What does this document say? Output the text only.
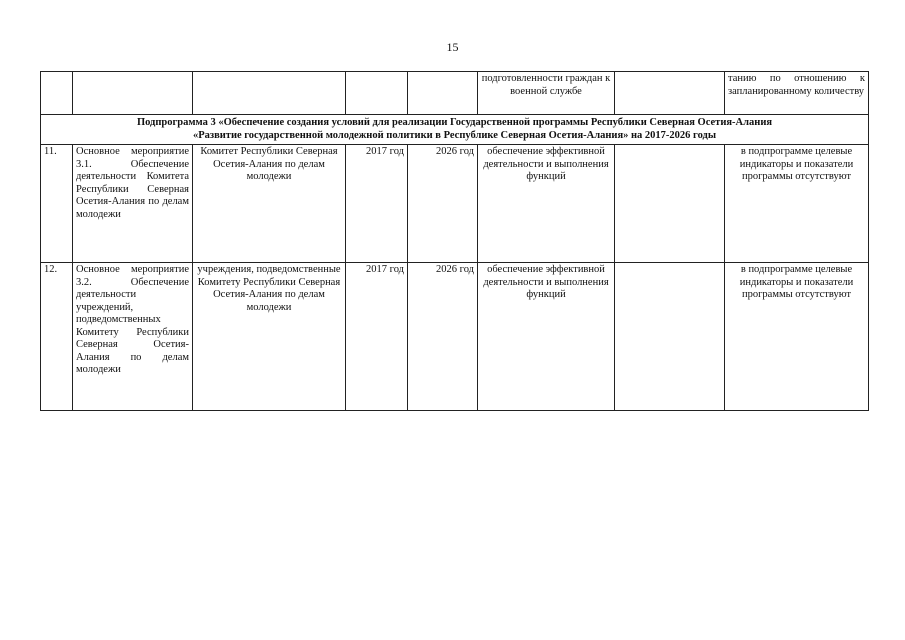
15
					подготовленности граждан к военной службе		танию по отношению к запланированному количеству

Подпрограмма 3 «Обеспечение создания условий для реализации Государственной программы Республики Северная Осетия-Алания
«Развитие государственной молодежной политики в Республике Северная Осетия-Алания» на 2017-2026 годы							

11.	Основное мероприятие 3.1. Обеспечение деятельности Комитета Республики Северная Осетия-Алания по делам молодежи	Комитет Республики Северная Осетия-Алания по делам молодежи	2017 год	2026 год	обеспечение эффективной деятельности и выполнения функций		в подпрограмме целевые индикаторы и показатели программы отсутствуют
12.	Основное мероприятие 3.2. Обеспечение деятельности учреждений, подведомственных Комитету Республики Северная Осетия-Алания по делам молодежи	учреждения, подведомственные Комитету Республики Северная Осетия-Алания по делам молодежи	2017 год	2026 год	обеспечение эффективной деятельности и выполнения функций		в подпрограмме целевые индикаторы и показатели программы отсутствуют
